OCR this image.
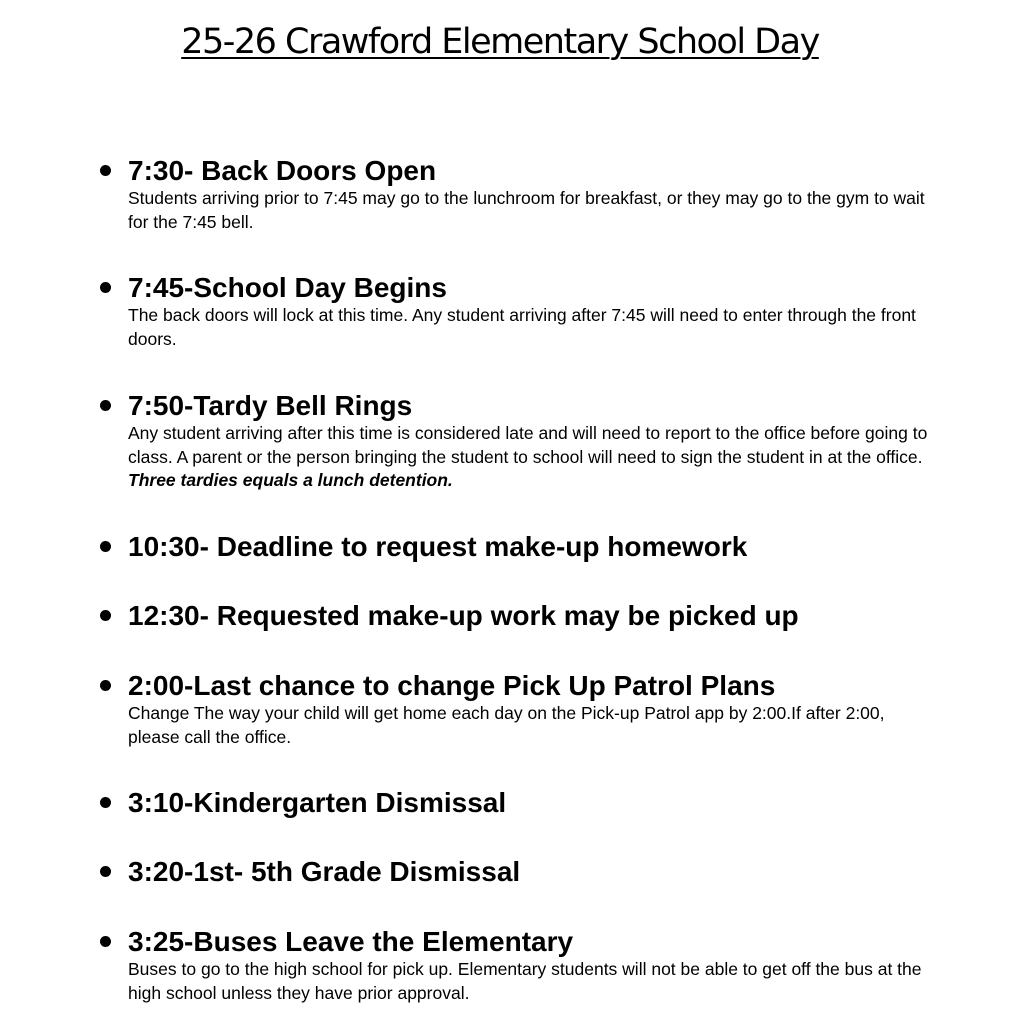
25-26 Crawford Elementary School Day
7:30- Back Doors Open
Students arriving prior to 7:45 may go to the lunchroom for breakfast, or they may go to the gym to wait for the 7:45 bell.
7:45-School Day Begins
The back doors will lock at this time. Any student arriving after 7:45 will need to enter through the front doors.
7:50-Tardy Bell Rings
Any student arriving after this time is considered late and will need to report to the office before going to class. A parent or the person bringing the student to school will need to sign the student in at the office. Three tardies equals a lunch detention.
10:30- Deadline to request make-up homework
12:30- Requested make-up work may be picked up
2:00-Last chance to change Pick Up Patrol Plans
Change The way your child will get home each day on the Pick-up Patrol app by 2:00.If after 2:00, please call the office.
3:10-Kindergarten Dismissal
3:20-1st- 5th Grade Dismissal
3:25-Buses Leave the Elementary
Buses to go to the high school for pick up. Elementary students will not be able to get off the bus at the high school unless they have prior approval.
